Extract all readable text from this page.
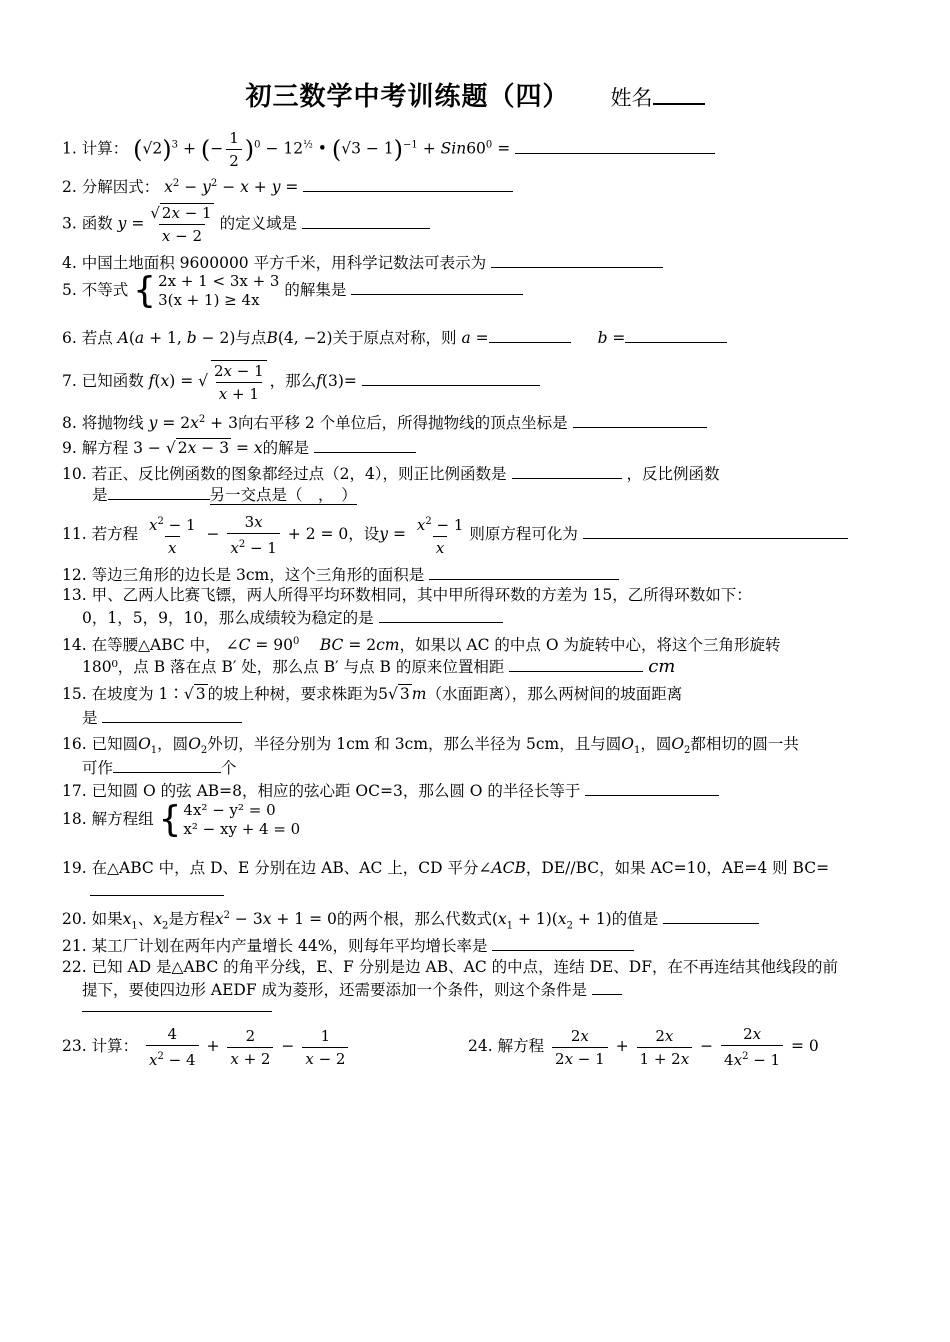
初三数学中考训练题（四） 姓名
1. 计算： $(√2)^3$ + (− $\frac{1}{2} )^0 - 12^{\frac{1}{2}}$ • $(√3 - 1)^{-1} + Sin60^0$ =
2. 分解因式： $x^2 - y^2 - x + y$ =
3. 函数 $y = \frac{√ 2x - 1}{x - 2}$ 的定义域是
4. 中国土地面积 9600000 平方千米，用科学记数法可表示为
5. 不等式 { 2x + 1 < 3x + 3
3(x + 1) ≥ 4x
的解集是
6. 若点 A(a + 1, b − 2)与点B(4, −2)关于原点对称，则 a =	b =
7. 已知函数 f(x) = √ $\frac{2x - 1}{x + 1}$ ，那么f(3)=
8. 将抛物线 $y = 2x^2 + 3$向右平移 2 个单位后，所得抛物线的顶点坐标是
9. 解方程 3 − √ 2x − 3 = x的解是
10. 若正、反比例函数的图象都经过点（2，4），则正比例函数是	，反比例函数
是	另一交点是（　，　）
11. 若方程 $\frac{x^2 - 1}{x} - \frac{3x}{x^2 - 1} + 2 = 0$，设$y = \frac{x^2 - 1}{x}$ 则原方程可化为
12. 等边三角形的边长是 3cm，这个三角形的面积是
13. 甲、乙两人比赛飞镖，两人所得平均环数相同，其中甲所得环数的方差为 15，乙所得环数如下：
0，1，5，9，10，那么成绩较为稳定的是
14. 在等腰△ABC 中， ∠C = $90^0$　 BC = 2cm，如果以 AC 的中点 O 为旋转中心，将这个三角形旋转
180⁰，点 B 落在点 B′ 处，那么点 B′ 与点 B 的原来位置相距	cm
15. 在坡度为 1∶√ 3 的坡上种树，要求株距为5√ 3 m（水面距离），那么两树间的坡面距离
是
16. 已知圆$O_1$，圆$O_2$外切，半径分别为 1cm 和 3cm，那么半径为 5cm，且与圆$O_1$，圆$O_2$都相切的圆一共
可作	个
17. 已知圆 O 的弦 AB=8，相应的弦心距 OC=3，那么圆 O 的半径长等于
18. 解方程组 { 4x² − y² = 0
x² − xy + 4 = 0
19. 在△ABC 中，点 D、E 分别在边 AB、AC 上，CD 平分∠ACB，DE//BC，如果 AC=10，AE=4 则 BC=
20. 如果$x_1$、$x_2$是方程$x^2 - 3x + 1 = 0$的两个根，那么代数式$(x_1 + 1)(x_2 + 1)$的值是
21. 某工厂计划在两年内产量增长 44%，则每年平均增长率是
22. 已知 AD 是△ABC 的角平分线，E、F 分别是边 AB、AC 的中点，连结 DE、DF，在不再连结其他线段的前
提下，要使四边形 AEDF 成为菱形，还需要添加一个条件，则这个条件是
23. 计算： $\frac{4}{x^2 - 4} + \frac{2}{x + 2} - \frac{1}{x - 2}$	24. 解方程 $\frac{2x}{2x - 1} + \frac{2x}{1 + 2x} - \frac{2x}{4x^2 - 1} = 0$
